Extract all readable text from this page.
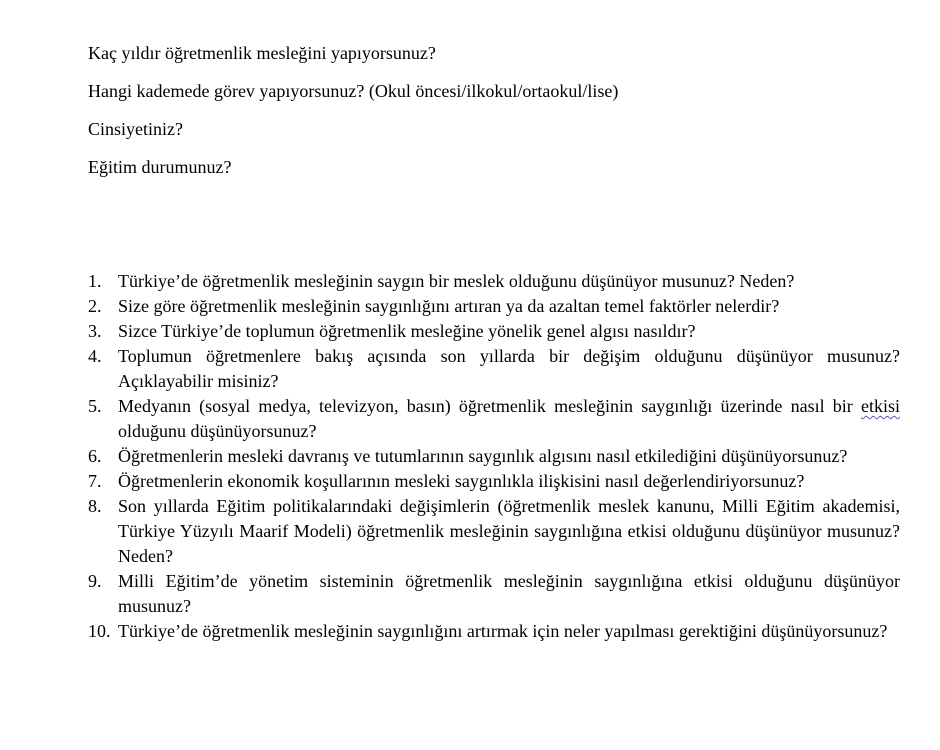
Kaç yıldır öğretmenlik mesleğini yapıyorsunuz?
Hangi kademede görev yapıyorsunuz? (Okul öncesi/ilkokul/ortaokul/lise)
Cinsiyetiniz?
Eğitim durumunuz?
1. Türkiye’de öğretmenlik mesleğinin saygın bir meslek olduğunu düşünüyor musunuz? Neden?
2. Size göre öğretmenlik mesleğinin saygınlığını artıran ya da azaltan temel faktörler nelerdir?
3. Sizce Türkiye’de toplumun öğretmenlik mesleğine yönelik genel algısı nasıldır?
4. Toplumun öğretmenlere bakış açısında son yıllarda bir değişim olduğunu düşünüyor musunuz? Açıklayabilir misiniz?
5. Medyanın (sosyal medya, televizyon, basın) öğretmenlik mesleğinin saygınlığı üzerinde nasıl bir etkisi olduğunu düşünüyorsunuz?
6. Öğretmenlerin mesleki davranış ve tutumlarının saygınlık algısını nasıl etkilediğini düşünüyorsunuz?
7. Öğretmenlerin ekonomik koşullarının mesleki saygınlıkla ilişkisini nasıl değerlendiriyorsunuz?
8. Son yıllarda Eğitim politikalarındaki değişimlerin (öğretmenlik meslek kanunu, Milli Eğitim akademisi, Türkiye Yüzyılı Maarif Modeli) öğretmenlik mesleğinin saygınlığına etkisi olduğunu düşünüyor musunuz? Neden?
9. Milli Eğitim’de yönetim sisteminin öğretmenlik mesleğinin saygınlığına etkisi olduğunu düşünüyor musunuz?
10. Türkiye’de öğretmenlik mesleğinin saygınlığını artırmak için neler yapılması gerektiğini düşünüyorsunuz?
